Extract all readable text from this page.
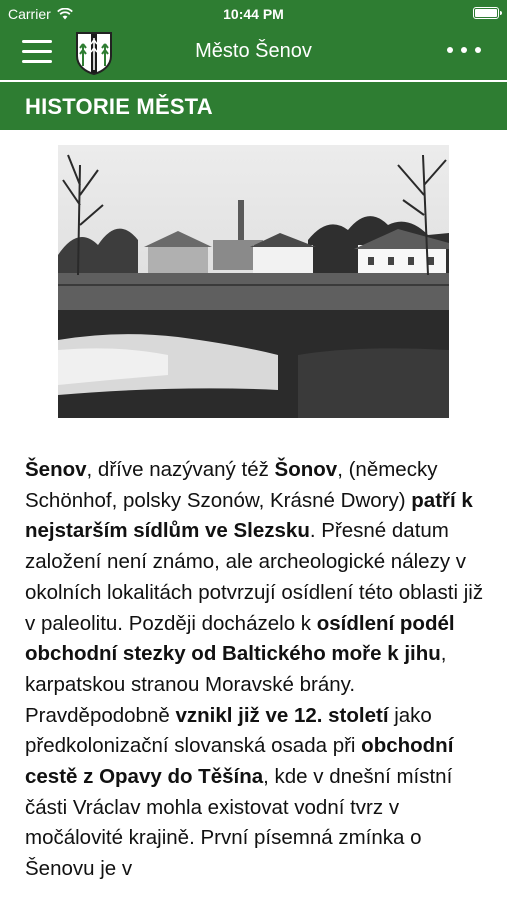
Carrier	10:44 PM
Město Šenov
HISTORIE MĚSTA
Šenov, dříve nazývaný též Šonov, (německy Schönhof, polsky Szonów, Krásné Dwory) patří k nejstarším sídlům ve Slezsku. Přesné datum založení není známo, ale archeologické nálezy v okolních lokalitách potvrzují osídlení této oblasti již v paleolitu. Později docházelo k osídlení podél obchodní stezky od Baltického moře k jihu, karpatskou stranou Moravské brány. Pravděpodobně vznikl již ve 12. století jako předkolonizační slovanská osada při obchodní cestě z Opavy do Těšína, kde v dnešní místní části Vráclav mohla existovat vodní tvrz v močálovité krajině. První písemná zmínka o Šenovu je v
